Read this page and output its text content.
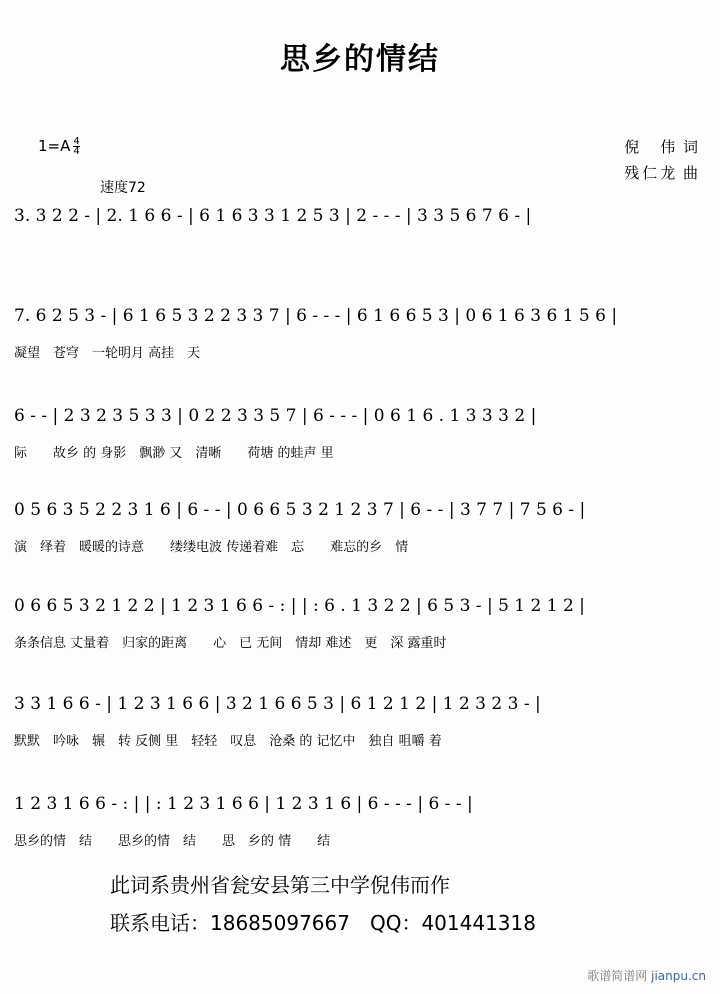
思乡的情结
$1=A \frac{4}{4}$
速度72
倪　伟 词
残仁龙 曲
3. 3 2 2 - | 2. 1 6 6 - | 6 1 6 3 3 1 2 5 3 | 2 - - - | 3 3 5 6 7 6 - |
7. 6 2 5 3 - | 6 1 6 5 3 2 2 3 3 7 | 6 - - - | 6 1 6 6 5 3 | 0 6 1 6 3 6 1 5 6 |
凝望　苍穹　一轮明月 高挂　天
6 - - | 2 3 2 3 5 3 3 | 0 2 2 3 3 5 7 | 6 - - - | 0 6 1 6 . 1 3 3 3 2 |
际　　故乡 的 身影　飘渺 又　清晰　　荷塘 的蛙声 里
0 5 6 3 5 2 2 3 1 6 | 6 - - | 0 6 6 5 3 2 1 2 3 7 | 6 - - | 3 7 7 | 7 5 6 - |
演　绎着　暖暖的诗意　　缕缕电波 传递着难　忘　　难忘的乡　情
0 6 6 5 3 2 1 2 2 | 1 2 3 1 6 6 - : | | : 6 . 1 3 2 2 | 6 5 3 - | 5 1 2 1 2 |
条条信息 丈量着　归家的距离　　心　已 无间　情却 难述　更　深 露重时
3 3 1 6 6 - | 1 2 3 1 6 6 | 3 2 1 6 6 5 3 | 6 1 2 1 2 | 1 2 3 2 3 - |
默默　吟咏　辗　转 反侧 里　轻轻　叹息　沧桑 的 记忆中　独自 咀嚼 着
1 2 3 1 6 6 - : | | : 1 2 3 1 6 6 | 1 2 3 1 6 | 6 - - - | 6 - - |
思乡的情　结　　思乡的情　结　　思　乡的 情　　结
此词系贵州省瓮安县第三中学倪伟而作
联系电话：18685097667　QQ：401441318
歌谱简谱网 jianpu.cn
